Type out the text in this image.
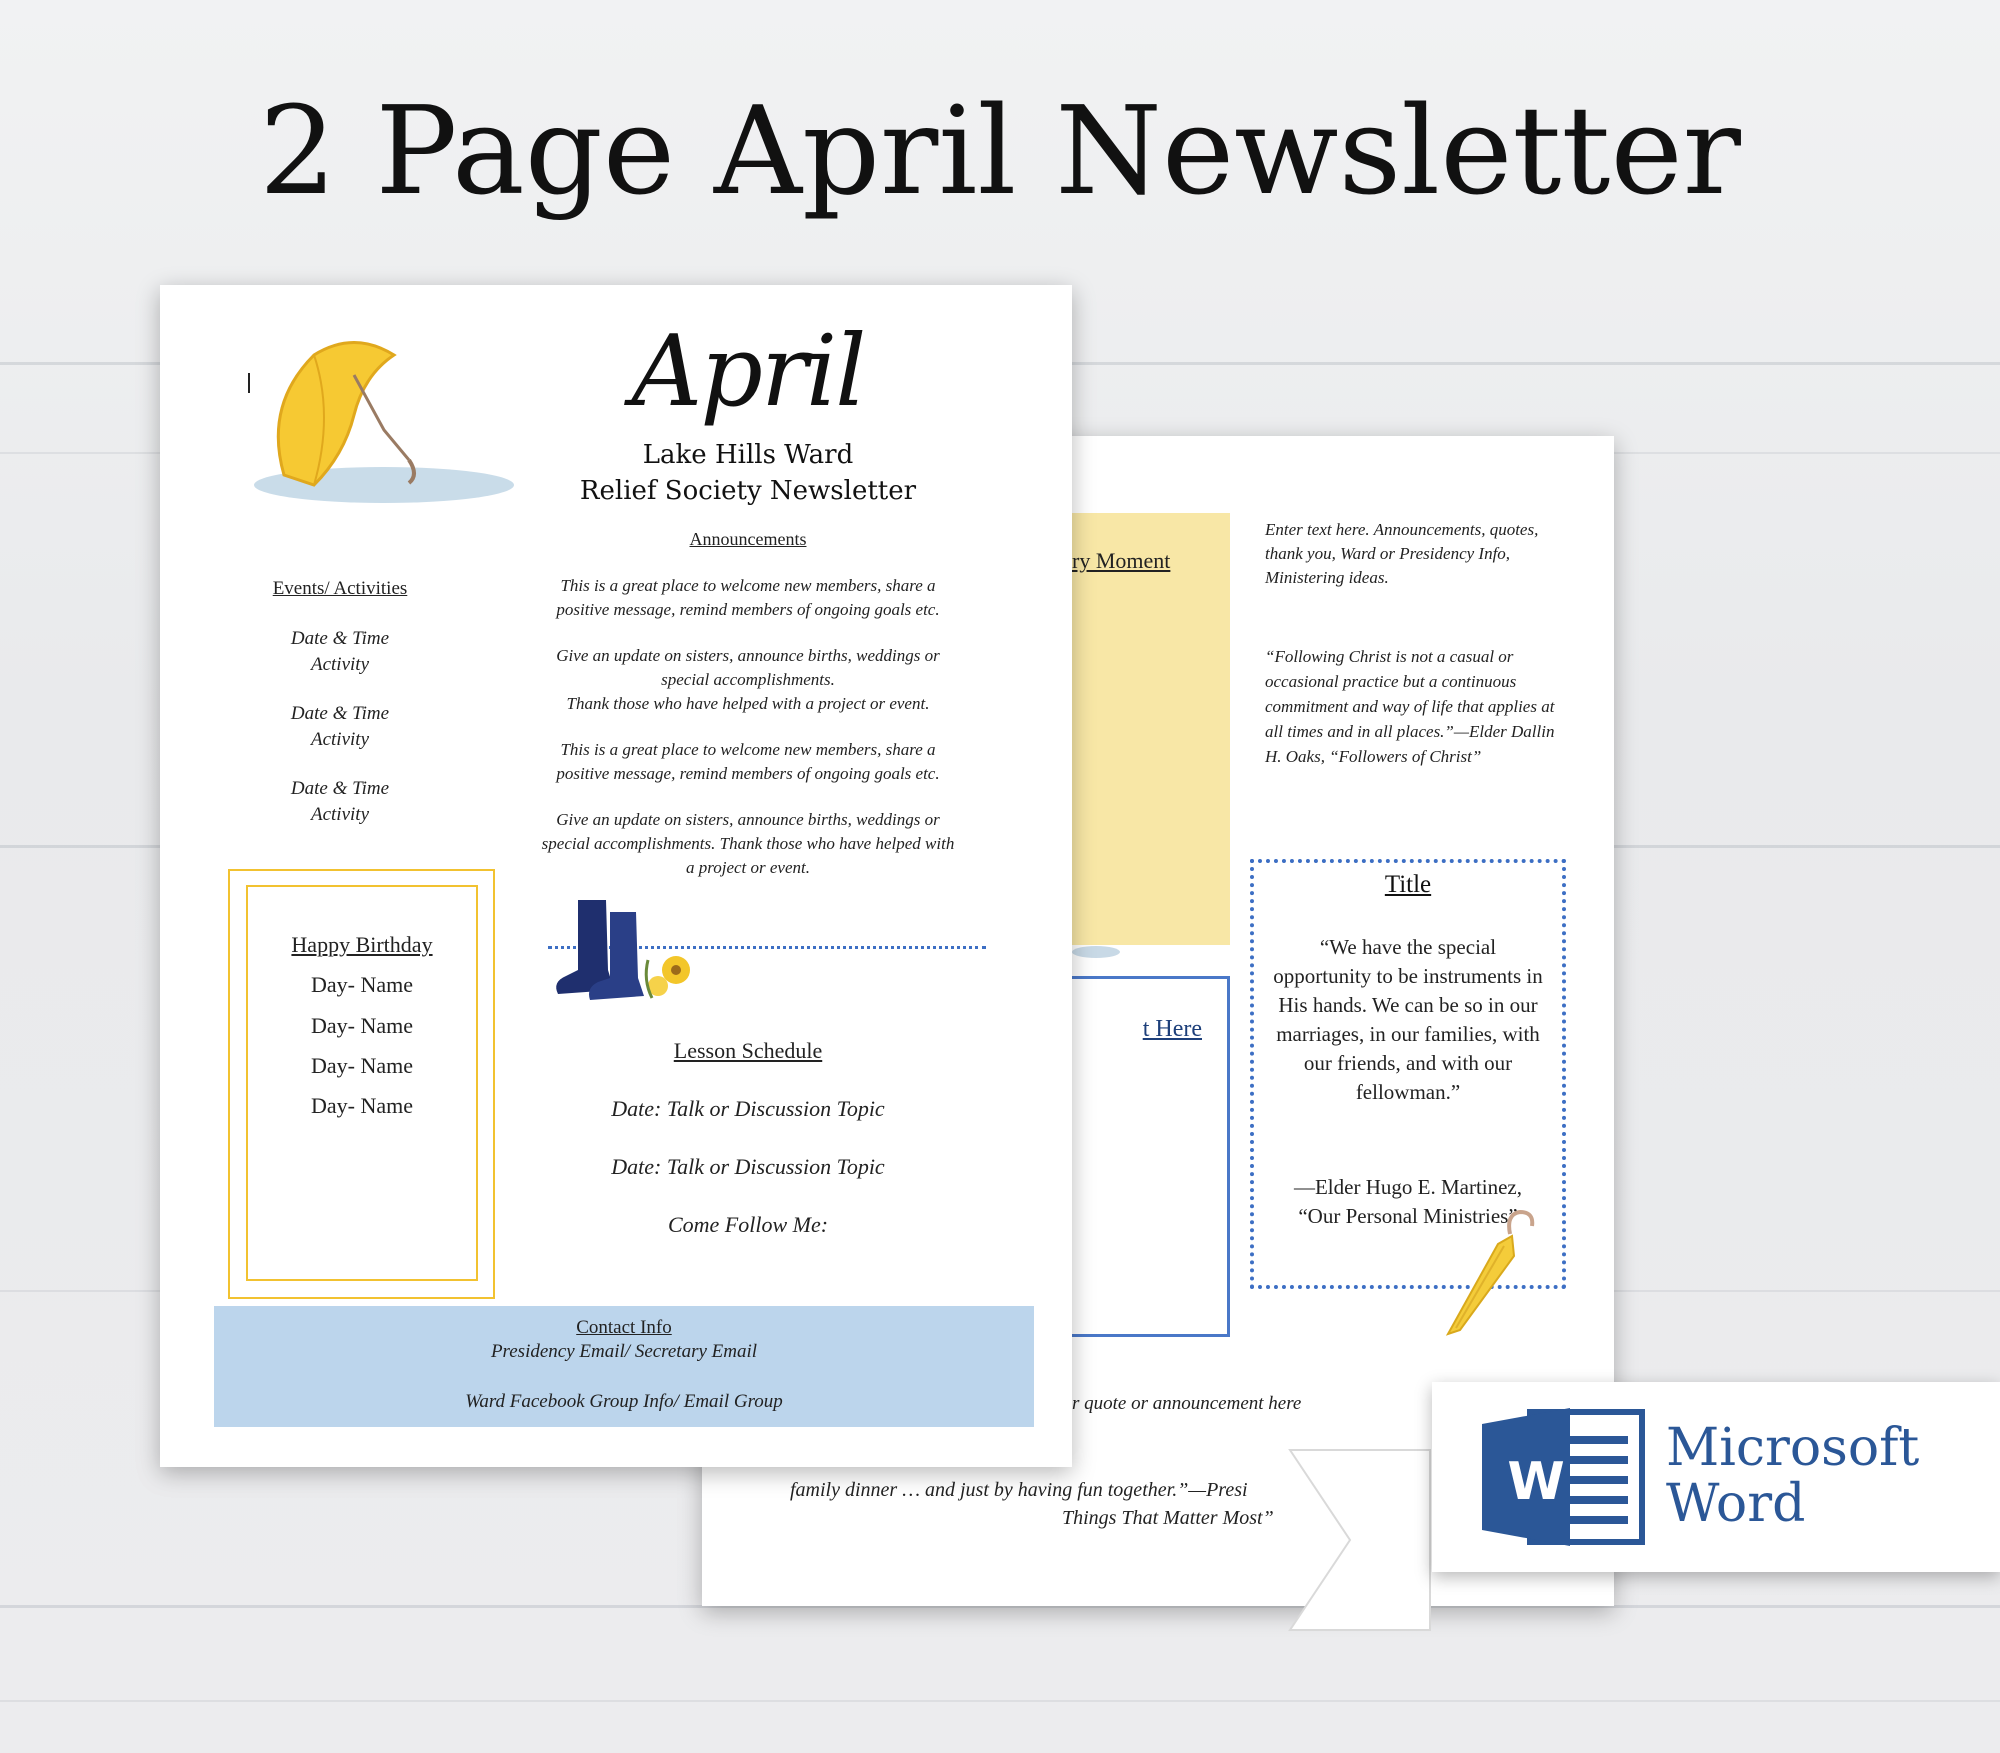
2 Page April Newsletter
ry Moment
t Here
Enter text here. Announcements, quotes, thank you, Ward or Presidency Info, Ministering ideas.
“Following Christ is not a casual or occasional practice but a continuous commitment and way of life that applies at all times and in all places.”—Elder Dallin H. Oaks, “Followers of Christ”
Title
“We have the special opportunity to be instruments in His hands. We can be so in our marriages, in our families, with our friends, and with our fellowman.”
—Elder Hugo E. Martinez,
“Our Personal Ministries”
r quote or announcement here
family dinner … and just by having fun together.”—Presi
Things That Matter Most”
April
Lake Hills Ward
Relief Society Newsletter
Announcements
This is a great place to welcome new members, share a positive message, remind members of ongoing goals etc.
Give an update on sisters, announce births, weddings or special accomplishments.
Thank those who have helped with a project or event.
This is a great place to welcome new members, share a positive message, remind members of ongoing goals etc.
Give an update on sisters, announce births, weddings or special accomplishments. Thank those who have helped with a project or event.
Events/ Activities
Date & Time
Activity
Date & Time
Activity
Date & Time
Activity
Happy Birthday
Day- Name
Day- Name
Day- Name
Day- Name
Lesson Schedule
Date: Talk or Discussion Topic
Date: Talk or Discussion Topic
Come Follow Me:
Contact Info
Presidency Email/ Secretary Email
Ward Facebook Group Info/ Email Group
W
Microsoft
Word
